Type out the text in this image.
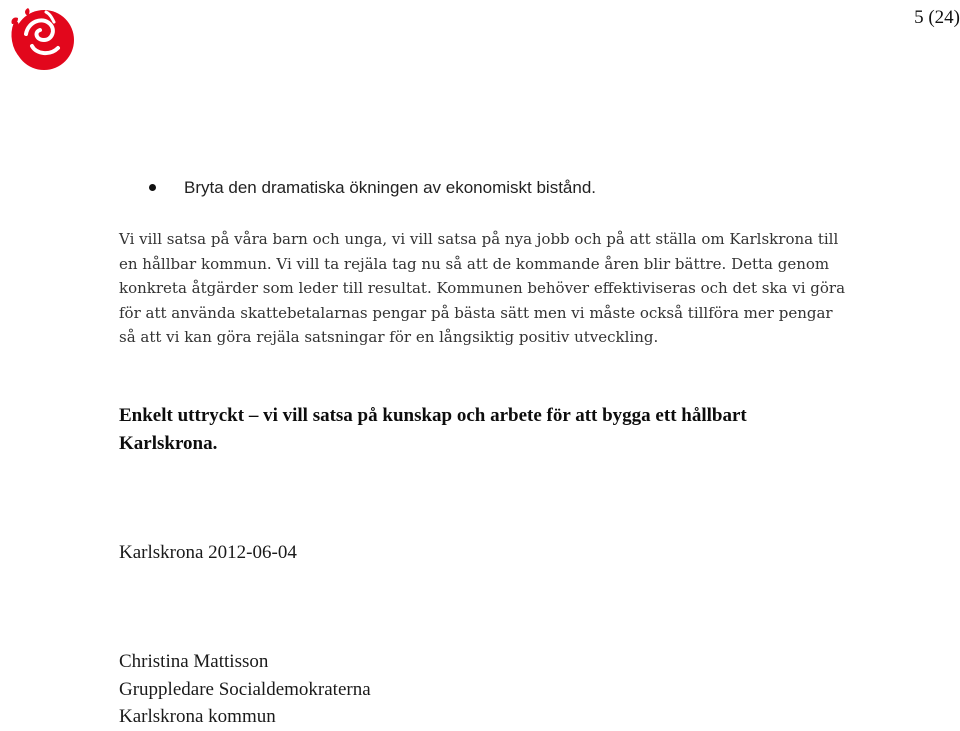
5 (24)
Bryta den dramatiska ökningen av ekonomiskt bistånd.

Vi vill satsa på våra barn och unga, vi vill satsa på nya jobb och på att ställa om Karlskrona till en hållbar kommun. Vi vill ta rejäla tag nu så att de kommande åren blir bättre. Detta genom konkreta åtgärder som leder till resultat. Kommunen behöver effektiviseras och det ska vi göra för att använda skattebetalarnas pengar på bästa sätt men vi måste också tillföra mer pengar så att vi kan göra rejäla satsningar för en långsiktig positiv utveckling.

Enkelt uttryckt – vi vill satsa på kunskap och arbete för att bygga ett hållbart Karlskrona.

Karlskrona 2012-06-04

Christina Mattisson
Gruppledare Socialdemokraterna
Karlskrona kommun
